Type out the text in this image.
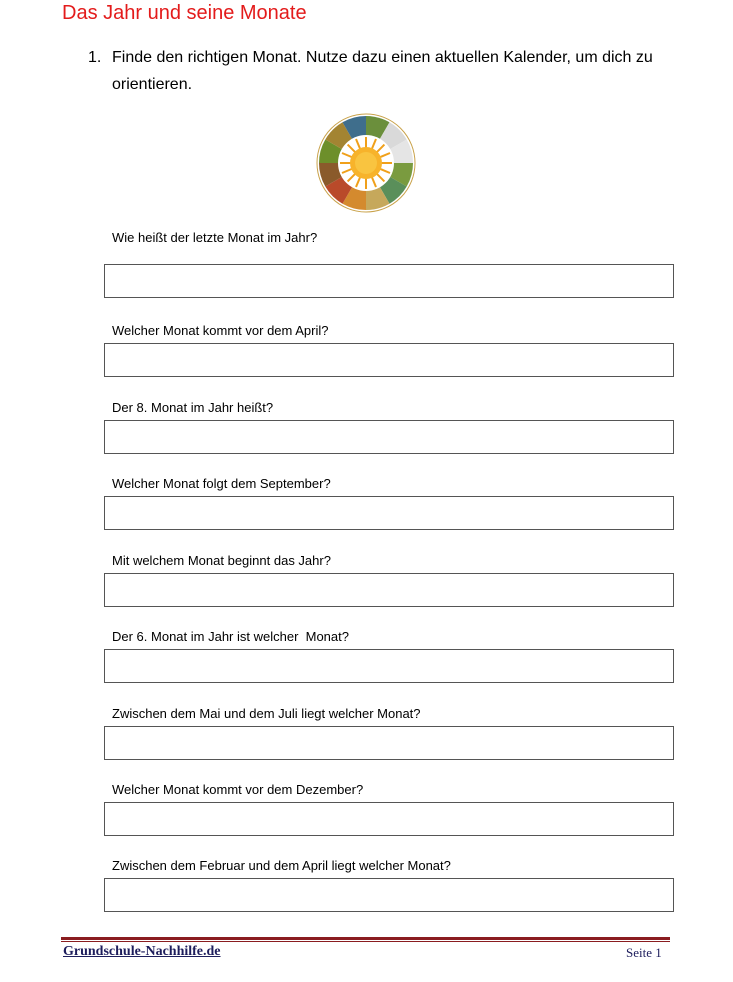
Das Jahr und seine Monate
1. Finde den richtigen Monat. Nutze dazu einen aktuellen Kalender, um dich zu orientieren.
Wie heißt der letzte Monat im Jahr?
Welcher Monat kommt vor dem April?
Der 8. Monat im Jahr heißt?
Welcher Monat folgt dem September?
Mit welchem Monat beginnt das Jahr?
Der 6. Monat im Jahr ist welcher  Monat?
Zwischen dem Mai und dem Juli liegt welcher Monat?
Welcher Monat kommt vor dem Dezember?
Zwischen dem Februar und dem April liegt welcher Monat?
Grundschule-Nachhilfe.de	Seite 1
